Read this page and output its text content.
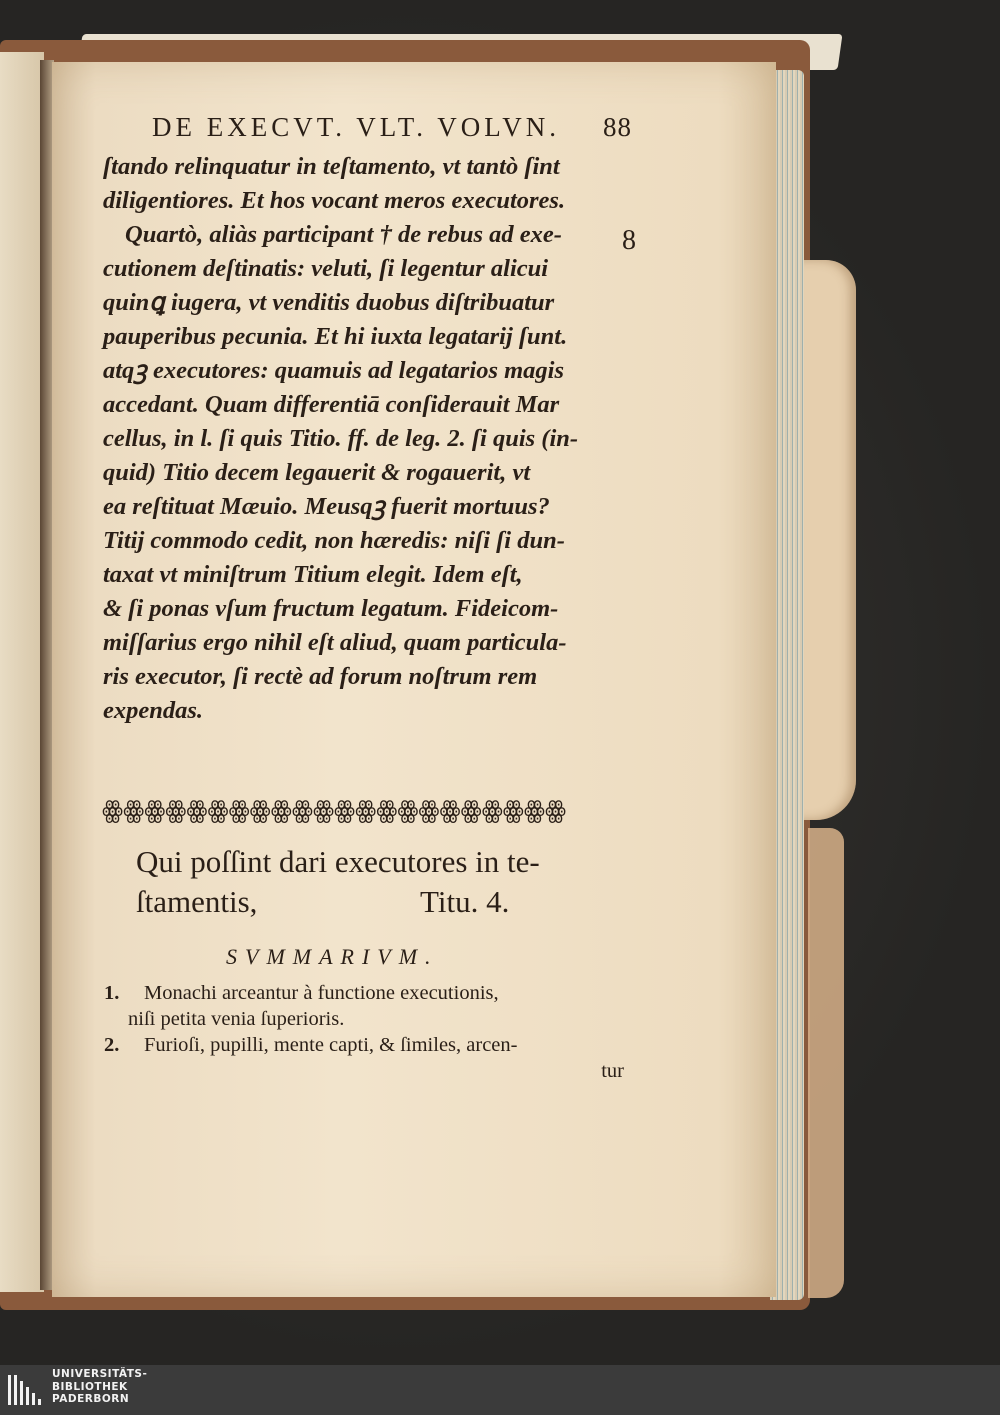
DE EXECVT. VLT. VOLVN. 88
8
ſtando relinquatur in teſtamento, vt tantò ſint
diligentiores. Et hos vocant meros executores.
Quartò, aliàs participant † de rebus ad exe-
cutionem deſtinatis: veluti, ſi legentur alicui
quinꝗ iugera, vt venditis duobus diſtribuatur
pauperibus pecunia. Et hi iuxta legatarij ſunt.
atqꝫ executores: quamuis ad legatarios magis
accedant. Quam differentiā conſiderauit Mar
cellus, in l. ſi quis Titio. ff. de leg. 2. ſi quis (in-
quid) Titio decem legauerit & rogauerit, vt
ea reſtituat Mæuio. Meusqꝫ fuerit mortuus?
Titij commodo cedit, non hæredis: niſi ſi dun-
taxat vt miniſtrum Titium elegit. Idem eſt,
& ſi ponas vſum fructum legatum. Fideicom-
miſſarius ergo nihil eſt aliud, quam particula-
ris executor, ſi rectè ad forum noſtrum rem
expendas.
ꙮꙮꙮꙮꙮꙮꙮꙮꙮꙮꙮꙮꙮꙮꙮꙮꙮꙮꙮꙮꙮꙮ
Qui poſſint dari executores in te-
ſtamentis,	Titu. 4.
SVMMARIVM.
1. Monachi arceantur à functione executionis,
niſi petita venia ſuperioris.
2. Furioſi, pupilli, mente capti, & ſimiles, arcen-
tur
UNIVERSITÄTS-
BIBLIOTHEK
PADERBORN
